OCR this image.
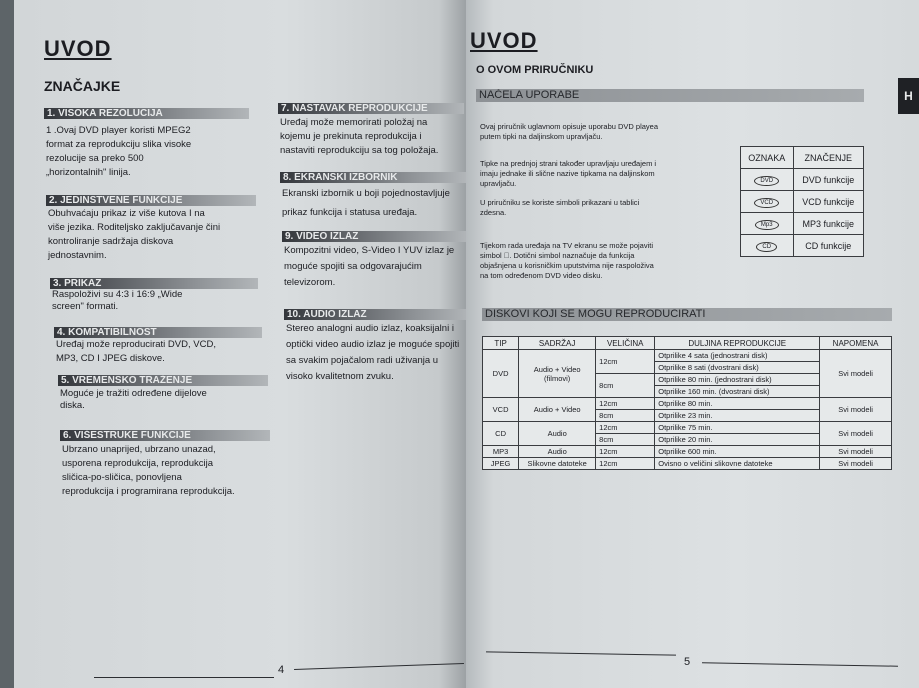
UVOD
ZNAČAJKE
1. VISOKA REZOLUCIJA
1 .Ovaj DVD player koristi MPEG2
format za reprodukciju slika visoke
rezolucije sa preko 500
„horizontalnih" linija.
2. JEDINSTVENE FUNKCIJE
Obuhvaćaju prikaz iz više kutova I na
više jezika. Roditeljsko zaključavanje čini
kontroliranje sadržaja diskova
jednostavnim.
3. PRIKAZ
Raspoloživi su 4:3 i 16:9 „Wide
screen" formati.
4. KOMPATIBILNOST
Uređaj može reproducirati DVD, VCD,
MP3, CD I JPEG diskove.
5. VREMENSKO TRAŽENJE
Moguće je tražiti određene dijelove
diska.
6. VIŠESTRUKE FUNKCIJE
Ubrzano unaprijed, ubrzano unazad,
usporena reprodukcija, reprodukcija
sličica-po-sličica, ponovljena
reprodukcija i programirana reprodukcija.
7. NASTAVAK REPRODUKCIJE
Uređaj može memorirati položaj na
kojemu je prekinuta reprodukcija i
nastaviti reprodukciju sa tog položaja.
8. EKRANSKI IZBORNIK
Ekranski izbornik u boji pojednostavljuje
prikaz funkcija i statusa uređaja.
9. VIDEO IZLAZ
Kompozitni video, S-Video I YUV izlaz je
moguće spojiti sa odgovarajućim
televizorom.
10. AUDIO IZLAZ
Stereo analogni audio izlaz, koaksijalni i
optički video audio izlaz je moguće spojiti
sa svakim pojačalom radi uživanja u
visoko kvalitetnom zvuku.
4
UVOD
O OVOM PRIRUČNIKU
NAČELA UPORABE
Ovaj priručnik uglavnom opisuje uporabu DVD playea
putem tipki na daljinskom upravljaču.
Tipke na prednjoj strani također upravljaju uređajem i
imaju jednake ili slične nazive tipkama na daljinskom
upravljaču.
U priručniku se koriste simboli prikazani u tablici
zdesna.
Tijekom rada uređaja na TV ekranu se može pojaviti
simbol ⃠. Dotični simbol naznačuje da funkcija
objašnjena u korisničkim uputstvima nije raspoloživa
na tom određenom DVD video disku.
OZNAKA	ZNAČENJE
DVD	DVD funkcije
VCD	VCD funkcije
Mp3	MP3 funkcije
CD	CD funkcije
DISKOVI KOJI SE MOGU REPRODUCIRATI
TIP	SADRŽAJ	VELIČINA	DULJINA REPRODUKCIJE	NAPOMENA
DVD	Audio + Video (filmovi)	12cm	Otprilike 4 sata (jednostrani disk)	Svi modeli
			Otprilike 8 sati (dvostrani disk)	
		8cm	Otprilike 80 min. (jednostrani disk)	
			Otprilike 160 min. (dvostrani disk)	
VCD	Audio + Video	12cm	Otprilike 80 min.	Svi modeli
		8cm	Otprilike 23 min.	
CD	Audio	12cm	Otprilike 75 min.	Svi modeli
		8cm	Otprilike 20 min.	
MP3	Audio	12cm	Otprilike 600 min.	Svi modeli
JPEG	Slikovne datoteke	12cm	Ovisno o veličini slikovne datoteke	Svi modeli
5
H
